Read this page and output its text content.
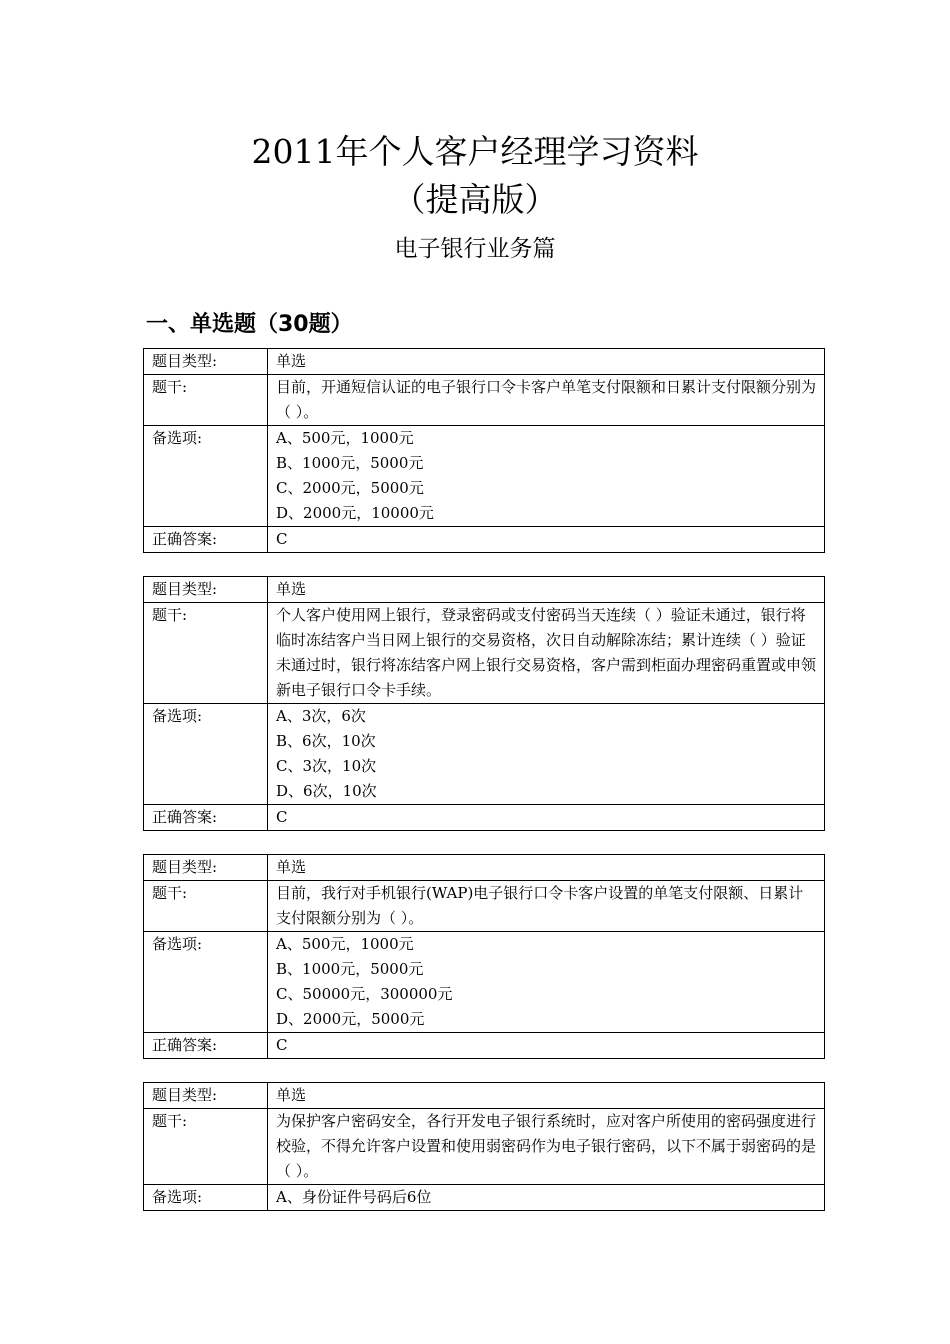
2011年个人客户经理学习资料
（提高版）
电子银行业务篇
一、单选题（30题）
题目类型:	单选
题干:	目前，开通短信认证的电子银行口令卡客户单笔支付限额和日累计支付限额分别为（ ）。
备选项:	A、500元，1000元
B、1000元，5000元
C、2000元，5000元
D、2000元，10000元

正确答案:	C
题目类型:	单选
题干:	个人客户使用网上银行，登录密码或支付密码当天连续（ ）验证未通过，银行将临时冻结客户当日网上银行的交易资格，次日自动解除冻结；累计连续（ ）验证未通过时，银行将冻结客户网上银行交易资格，客户需到柜面办理密码重置或申领新电子银行口令卡手续。
备选项:	A、3次，6次
B、6次，10次
C、3次，10次
D、6次，10次

正确答案:	C
题目类型:	单选
题干:	目前，我行对手机银行(WAP)电子银行口令卡客户设置的单笔支付限额、日累计支付限额分别为（ ）。
备选项:	A、500元，1000元
B、1000元，5000元
C、50000元，300000元
D、2000元，5000元

正确答案:	C
题目类型:	单选
题干:	为保护客户密码安全，各行开发电子银行系统时，应对客户所使用的密码强度进行校验，不得允许客户设置和使用弱密码作为电子银行密码，以下不属于弱密码的是（ ）。
备选项:	A、身份证件号码后6位
